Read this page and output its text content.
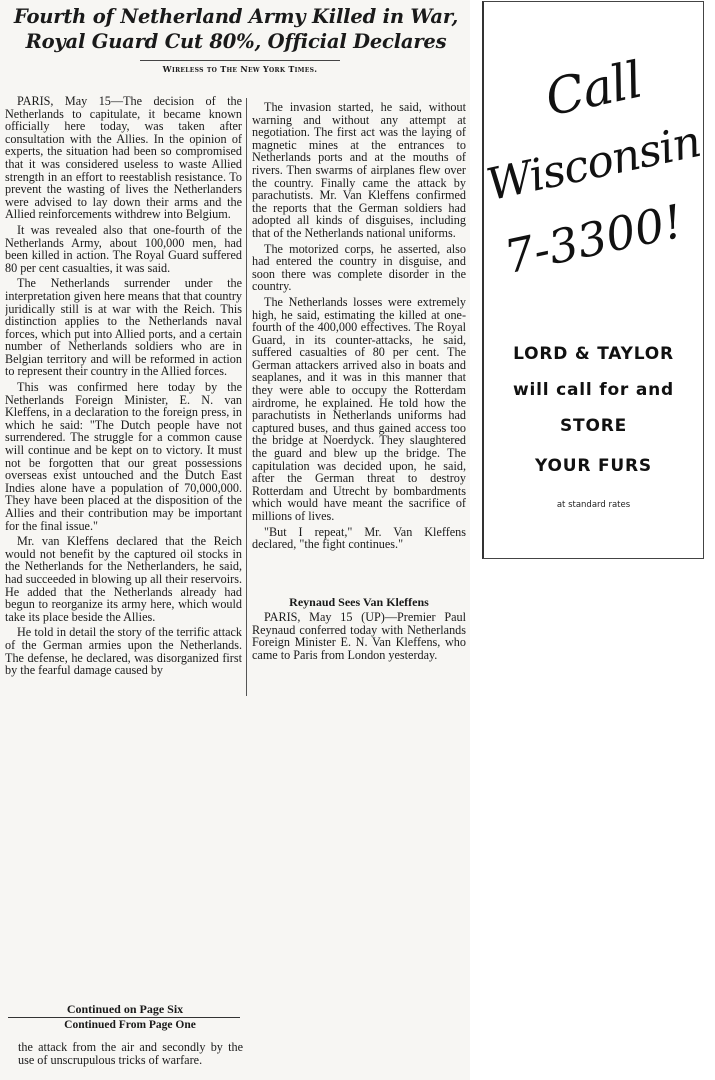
Fourth of Netherland Army Killed in War,
Royal Guard Cut 80%, Official Declares
Wireless to The New York Times.

PARIS, May 15—The decision of the Netherlands to capitulate, it became known officially here today, was taken after consultation with the Allies. In the opinion of experts, the situation had been so compromised that it was considered useless to waste Allied strength in an effort to reestablish resistance. To prevent the wasting of lives the Netherlanders were advised to lay down their arms and the Allied reinforcements withdrew into Belgium.

It was revealed also that one-fourth of the Netherlands Army, about 100,000 men, had been killed in action. The Royal Guard suffered 80 per cent casualties, it was said.

The Netherlands surrender under the interpretation given here means that that country juridically still is at war with the Reich. This distinction applies to the Netherlands naval forces, which put into Allied ports, and a certain number of Netherlands soldiers who are in Belgian territory and will be reformed in action to represent their country in the Allied forces.

This was confirmed here today by the Netherlands Foreign Minister, E. N. van Kleffens, in a declaration to the foreign press, in which he said: "The Dutch people have not surrendered. The struggle for a common cause will continue and be kept on to victory. It must not be forgotten that our great possessions overseas exist untouched and the Dutch East Indies alone have a population of 70,000,000. They have been placed at the disposition of the Allies and their contribution may be important for the final issue."

Mr. van Kleffens declared that the Reich would not benefit by the captured oil stocks in the Netherlands for the Netherlanders, he said, had succeeded in blowing up all their reservoirs. He added that the Netherlands already had begun to reorganize its army here, which would take its place beside the Allies.

He told in detail the story of the terrific attack of the German armies upon the Netherlands. The defense, he declared, was disorganized first by the fearful damage caused by

Continued on Page Six
Continued From Page One

the attack from the air and secondly by the use of unscrupulous tricks of warfare.

The invasion started, he said, without warning and without any attempt at negotiation. The first act was the laying of magnetic mines at the entrances to Netherlands ports and at the mouths of rivers. Then swarms of airplanes flew over the country. Finally came the attack by parachutists. Mr. Van Kleffens confirmed the reports that the German soldiers had adopted all kinds of disguises, including that of the Netherlands national uniforms.

The motorized corps, he asserted, also had entered the country in disguise, and soon there was complete disorder in the country.

The Netherlands losses were extremely high, he said, estimating the killed at one-fourth of the 400,000 effectives. The Royal Guard, in its counter-attacks, he said, suffered casualties of 80 per cent. The German attackers arrived also in boats and seaplanes, and it was in this manner that they were able to occupy the Rotterdam airdrome, he explained. He told how the parachutists in Netherlands uniforms had captured buses, and thus gained access too the bridge at Noerdyck. They slaughtered the guard and blew up the bridge. The capitulation was decided upon, he said, after the German threat to destroy Rotterdam and Utrecht by bombardments which would have meant the sacrifice of millions of lives.

"But I repeat," Mr. Van Kleffens declared, "the fight continues."

Reynaud Sees Van Kleffens

PARIS, May 15 (UP)—Premier Paul Reynaud conferred today with Netherlands Foreign Minister E. N. Van Kleffens, who came to Paris from London yesterday.

Call
Wisconsin
7-3300!
LORD & TAYLOR
will call for and
STORE
YOUR FURS
at standard rates
